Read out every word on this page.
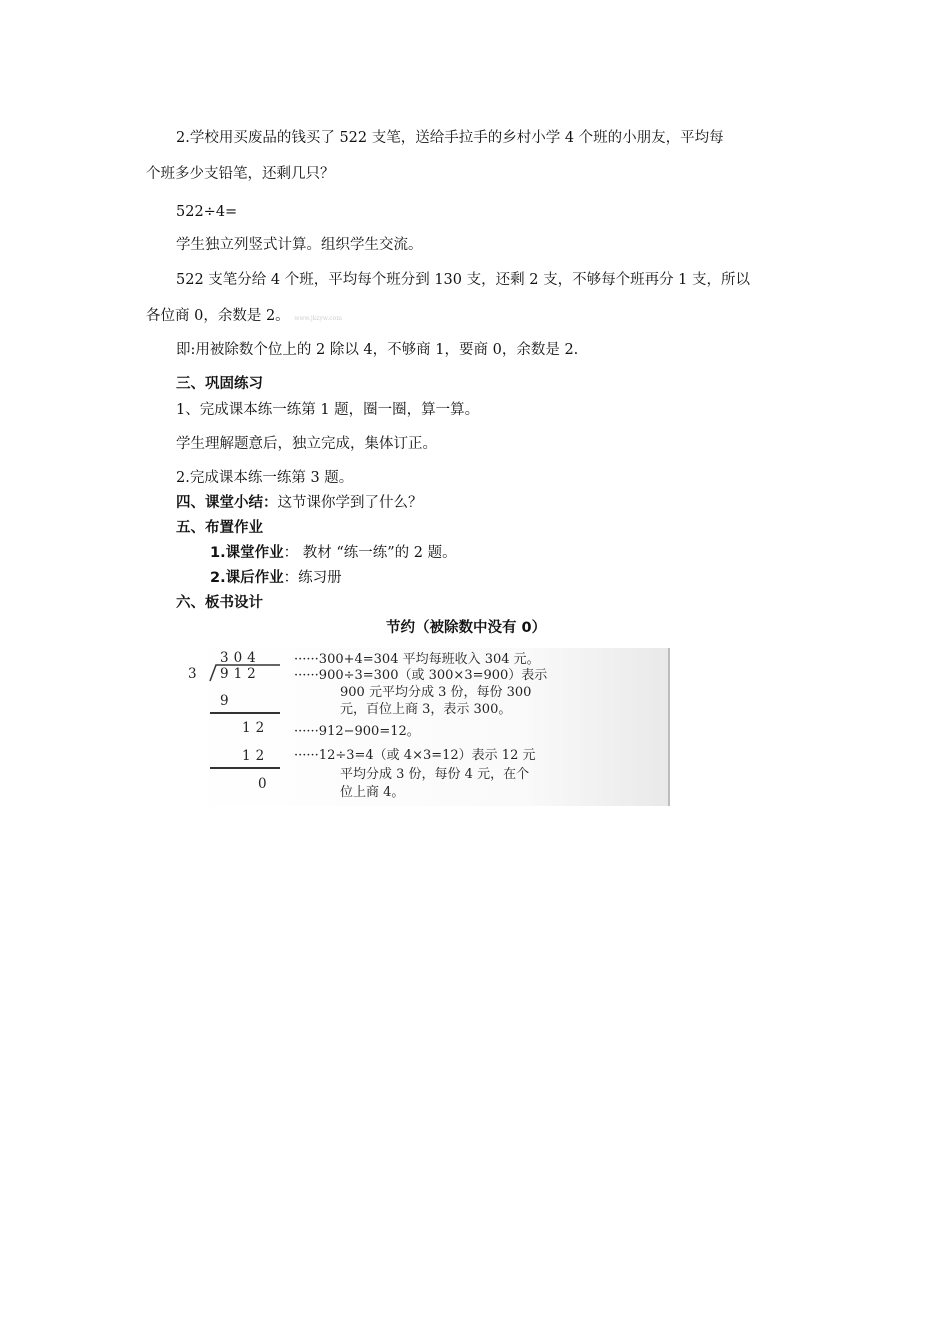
2.学校用买废品的钱买了 522 支笔，送给手拉手的乡村小学 4 个班的小朋友，平均每
个班多少支铅笔，还剩几只？
522÷4=
学生独立列竖式计算。组织学生交流。
522 支笔分给 4 个班，平均每个班分到 130 支，还剩 2 支，不够每个班再分 1 支，所以
各位商 0，余数是 2。 www.jkzyw.com
即:用被除数个位上的 2 除以 4，不够商 1，要商 0，余数是 2.
三、巩固练习
1、完成课本练一练第 1 题，圈一圈，算一算。
学生理解题意后，独立完成，集体订正。
2.完成课本练一练第 3 题。
四、课堂小结：这节课你学到了什么？
五、布置作业
1.课堂作业： 教材 “练一练”的 2 题。
2.课后作业：练习册
六、板书设计
节约（被除数中没有 0）
304
3 912
9
12
12
0
······300+4=304 平均每班收入 304 元。
······900÷3=300（或 300×3=900）表示
900 元平均分成 3 份，每份 300
元，百位上商 3，表示 300。
······912−900=12。
······12÷3=4（或 4×3=12）表示 12 元
平均分成 3 份，每份 4 元，在个
位上商 4。
